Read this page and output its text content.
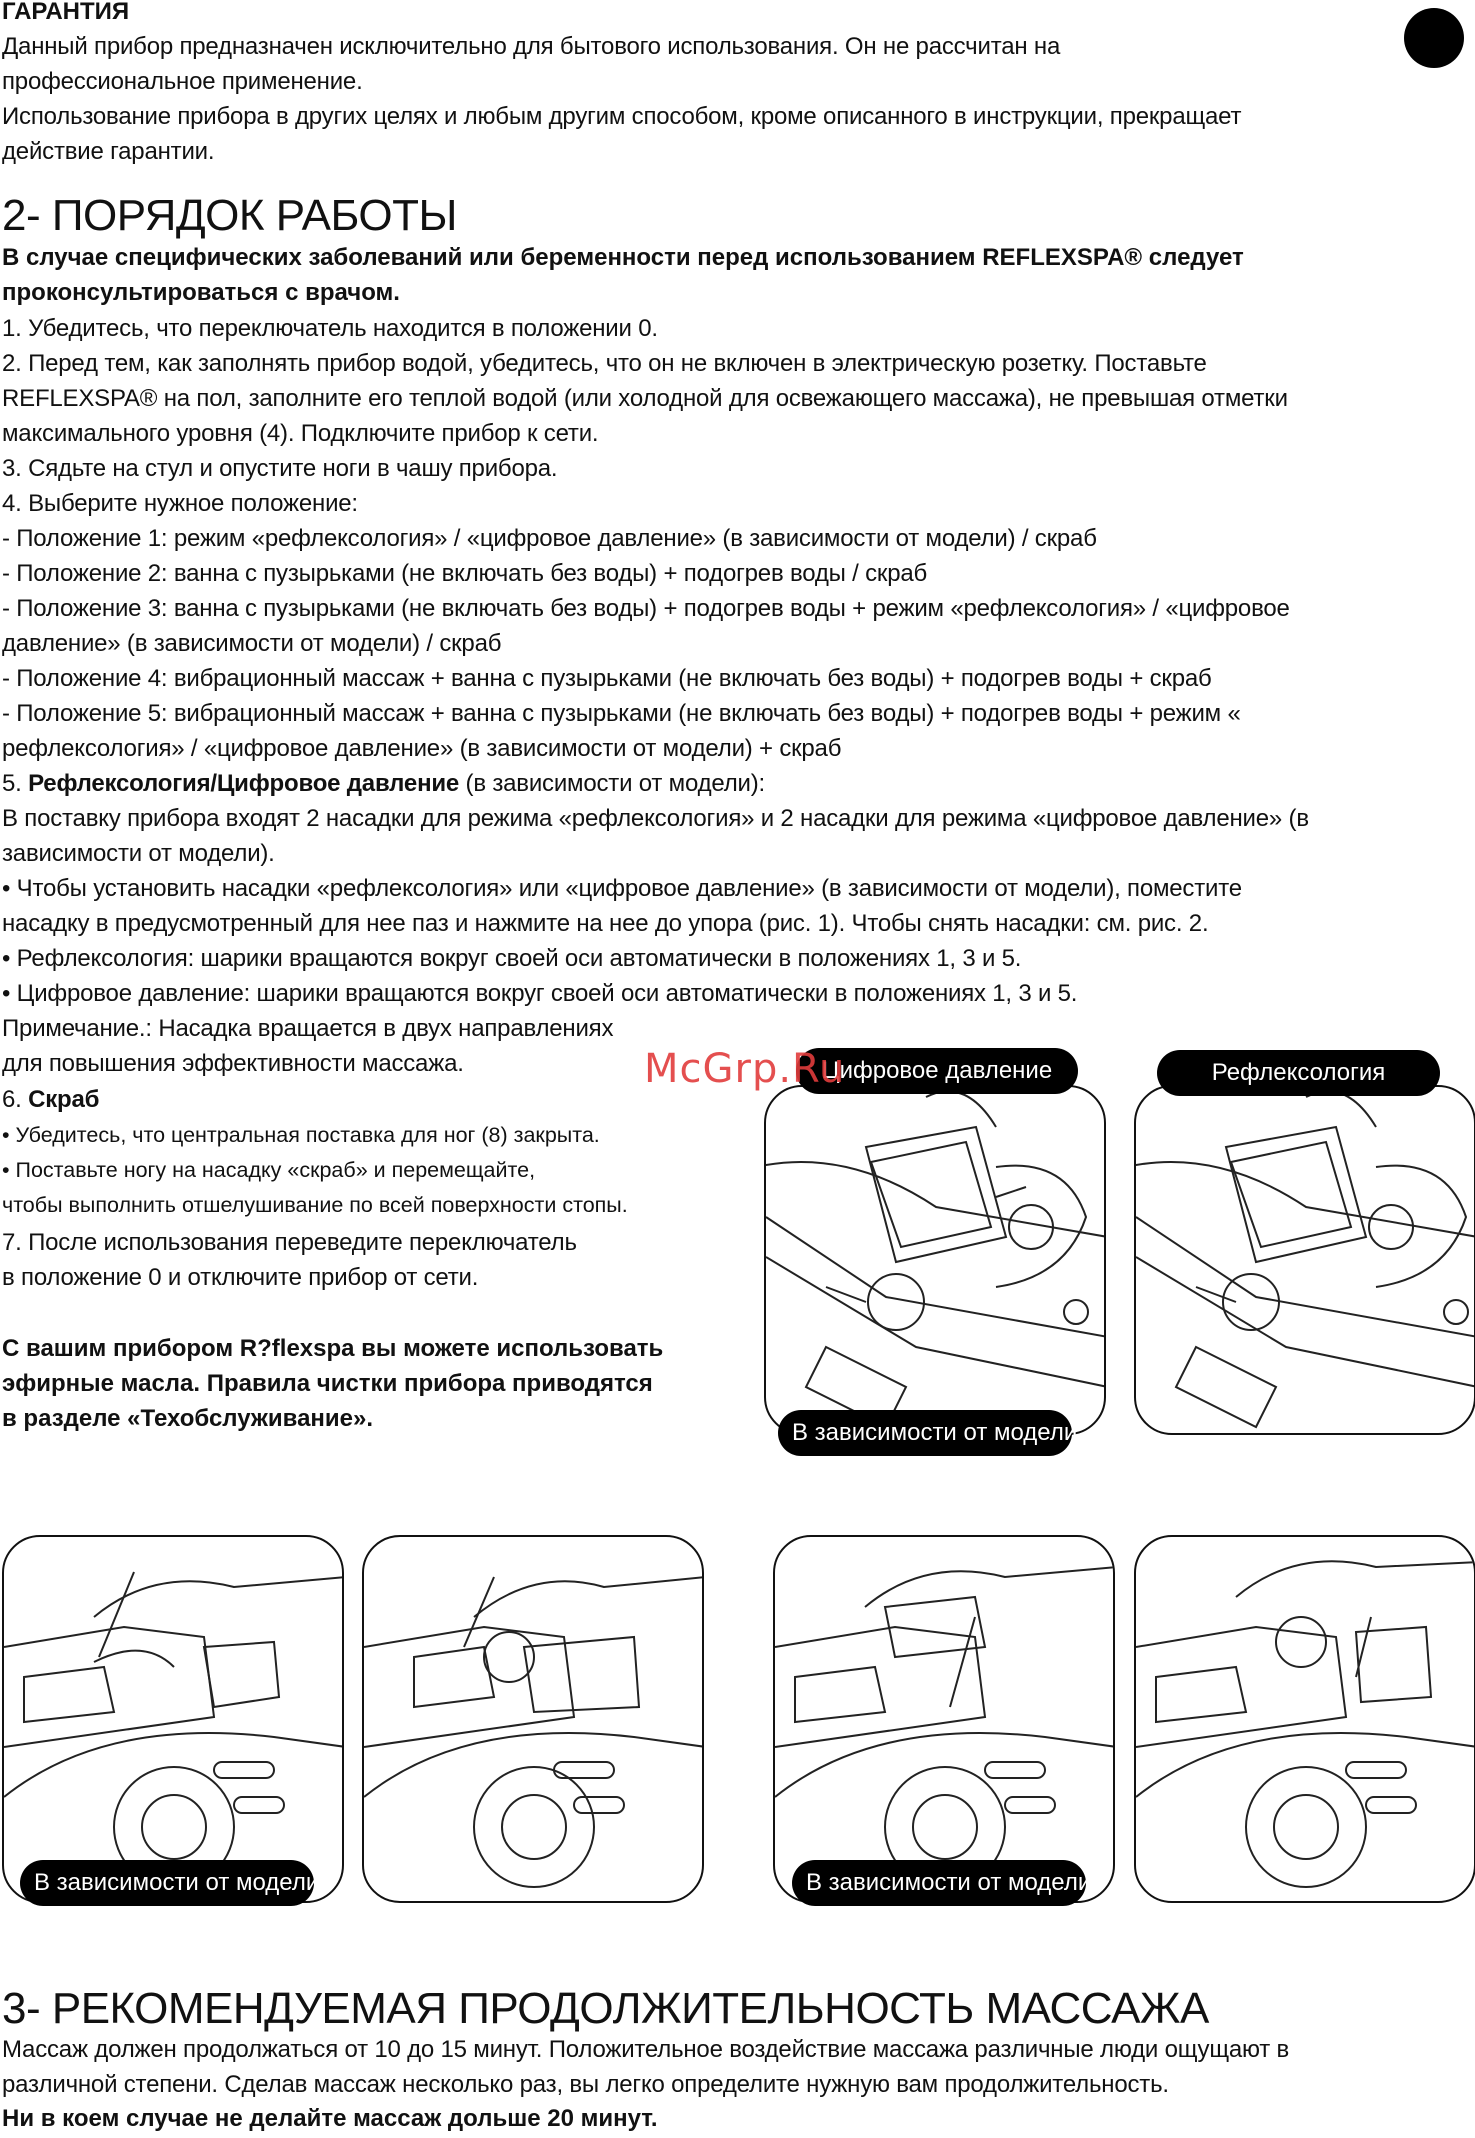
ГАРАНТИЯ
Данный прибор предназначен исключительно для бытового использования. Он не рассчитан на
профессиональное применение.
Использование прибора в других целях и любым другим способом, кроме описанного в инструкции, прекращает
действие гарантии.
2- ПОРЯДОК РАБОТЫ
В случае специфических заболеваний или беременности перед использованием REFLEXSPA® следует
проконсультироваться с врачом.
1. Убедитесь, что переключатель находится в положении 0.
2. Перед тем, как заполнять прибор водой, убедитесь, что он не включен в электрическую розетку. Поставьте
REFLEXSPA® на пол, заполните его теплой водой (или холодной для освежающего массажа), не превышая отметки
максимального уровня (4). Подключите прибор к сети.
3. Сядьте на стул и опустите ноги в чашу прибора.
4. Выберите нужное положение:
- Положение 1: режим «рефлексология» / «цифровое давление» (в зависимости от модели) / скраб
- Положение 2: ванна с пузырьками (не включать без воды) + подогрев воды / скраб
- Положение 3: ванна с пузырьками (не включать без воды) + подогрев воды + режим «рефлексология» / «цифровое
давление» (в зависимости от модели) / скраб
- Положение 4: вибрационный массаж + ванна с пузырьками (не включать без воды) + подогрев воды + скраб
- Положение 5: вибрационный массаж + ванна с пузырьками (не включать без воды) + подогрев воды + режим «
рефлексология» / «цифровое давление» (в зависимости от модели) + скраб
5. Рефлексология/Цифровое давление (в зависимости от модели):
В поставку прибора входят 2 насадки для режима «рефлексология» и 2 насадки для режима «цифровое давление» (в
зависимости от модели).
• Чтобы установить насадки «рефлексология» или «цифровое давление» (в зависимости от модели), поместите
насадку в предусмотренный для нее паз и нажмите на нее до упора (рис. 1). Чтобы снять насадки: см. рис. 2.
• Рефлексология: шарики вращаются вокруг своей оси автоматически в положениях 1, 3 и 5.
• Цифровое давление: шарики вращаются вокруг своей оси автоматически в положениях 1, 3 и 5.
Примечание.: Насадка вращается в двух направлениях
для повышения эффективности массажа.
6. Скраб
• Убедитесь, что центральная поставка для ног (8) закрыта.
• Поставьте ногу на насадку «скраб» и перемещайте,
чтобы выполнить отшелушивание по всей поверхности стопы.
7. После использования переведите переключатель
в положение 0 и отключите прибор от сети.
С вашим прибором R?flexspa вы можете использовать
эфирные масла. Правила чистки прибора приводятся
в разделе «Техобслуживание».
Цифровое давление
В зависимости от модели
Рефлексология
McGrp.Ru
В зависимости от модели	В зависимости от модели
3- РЕКОМЕНДУЕМАЯ ПРОДОЛЖИТЕЛЬНОСТЬ МАССАЖА
Массаж должен продолжаться от 10 до 15 минут. Положительное воздействие массажа различные люди ощущают в
различной степени. Сделав массаж несколько раз, вы легко определите нужную вам продолжительность.
Ни в коем случае не делайте массаж дольше 20 минут.
